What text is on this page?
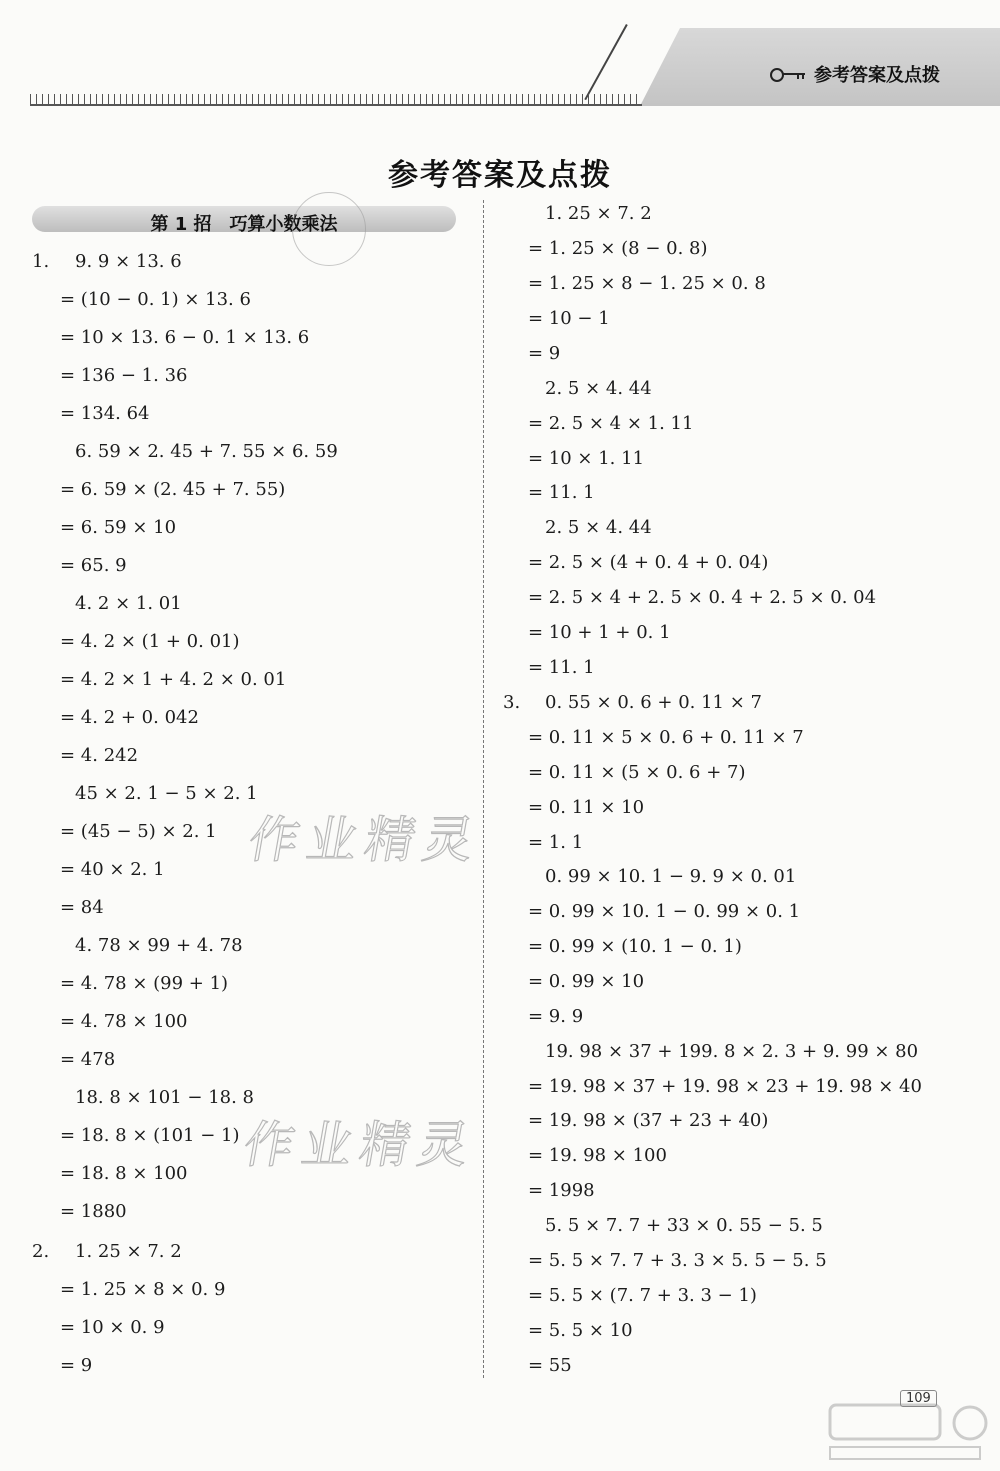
参考答案及点拨
参考答案及点拨
第 1 招　巧算小数乘法
作业精灵
作业精灵
1.
2.
3.
9. 9 × 13. 6
= (10 − 0. 1) × 13. 6
= 10 × 13. 6 − 0. 1 × 13. 6
= 136 − 1. 36
= 134. 64
6. 59 × 2. 45 + 7. 55 × 6. 59
= 6. 59 × (2. 45 + 7. 55)
= 6. 59 × 10
= 65. 9
4. 2 × 1. 01
= 4. 2 × (1 + 0. 01)
= 4. 2 × 1 + 4. 2 × 0. 01
= 4. 2 + 0. 042
= 4. 242
45 × 2. 1 − 5 × 2. 1
= (45 − 5) × 2. 1
= 40 × 2. 1
= 84
4. 78 × 99 + 4. 78
= 4. 78 × (99 + 1)
= 4. 78 × 100
= 478
18. 8 × 101 − 18. 8
= 18. 8 × (101 − 1)
= 18. 8 × 100
= 1880
1. 25 × 7. 2
= 1. 25 × 8 × 0. 9
= 10 × 0. 9
= 9
1. 25 × 7. 2
= 1. 25 × (8 − 0. 8)
= 1. 25 × 8 − 1. 25 × 0. 8
= 10 − 1
= 9
2. 5 × 4. 44
= 2. 5 × 4 × 1. 11
= 10 × 1. 11
= 11. 1
2. 5 × 4. 44
= 2. 5 × (4 + 0. 4 + 0. 04)
= 2. 5 × 4 + 2. 5 × 0. 4 + 2. 5 × 0. 04
= 10 + 1 + 0. 1
= 11. 1
0. 55 × 0. 6 + 0. 11 × 7
= 0. 11 × 5 × 0. 6 + 0. 11 × 7
= 0. 11 × (5 × 0. 6 + 7)
= 0. 11 × 10
= 1. 1
0. 99 × 10. 1 − 9. 9 × 0. 01
= 0. 99 × 10. 1 − 0. 99 × 0. 1
= 0. 99 × (10. 1 − 0. 1)
= 0. 99 × 10
= 9. 9
19. 98 × 37 + 199. 8 × 2. 3 + 9. 99 × 80
= 19. 98 × 37 + 19. 98 × 23 + 19. 98 × 40
= 19. 98 × (37 + 23 + 40)
= 19. 98 × 100
= 1998
5. 5 × 7. 7 + 33 × 0. 55 − 5. 5
= 5. 5 × 7. 7 + 3. 3 × 5. 5 − 5. 5
= 5. 5 × (7. 7 + 3. 3 − 1)
= 5. 5 × 10
= 55
109
